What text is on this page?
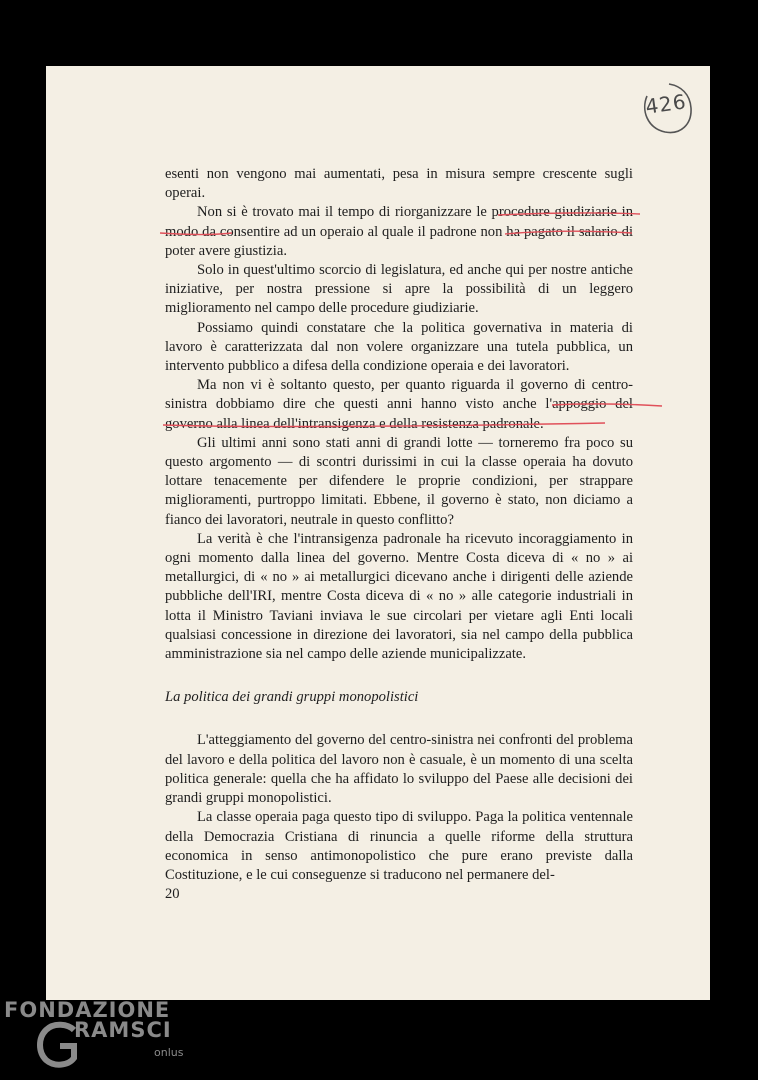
426

esenti non vengono mai aumentati, pesa in misura sempre crescente sugli operai.

Non si è trovato mai il tempo di riorganizzare le procedure giudiziarie in modo da consentire ad un operaio al quale il padrone non ha pagato il salario di poter avere giustizia.

Solo in quest'ultimo scorcio di legislatura, ed anche qui per nostre antiche iniziative, per nostra pressione si apre la possibilità di un leggero miglioramento nel campo delle procedure giudiziarie.

Possiamo quindi constatare che la politica governativa in materia di lavoro è caratterizzata dal non volere organizzare una tutela pubblica, un intervento pubblico a difesa della condizione operaia e dei lavoratori.

Ma non vi è soltanto questo, per quanto riguarda il governo di centro-sinistra dobbiamo dire che questi anni hanno visto anche l'appoggio del governo alla linea dell'intransigenza e della resistenza padronale.

Gli ultimi anni sono stati anni di grandi lotte — torneremo fra poco su questo argomento — di scontri durissimi in cui la classe operaia ha dovuto lottare tenacemente per difendere le proprie condizioni, per strappare miglioramenti, purtroppo limitati. Ebbene, il governo è stato, non diciamo a fianco dei lavoratori, neutrale in questo conflitto?

La verità è che l'intransigenza padronale ha ricevuto incoraggiamento in ogni momento dalla linea del governo. Mentre Costa diceva di « no » ai metallurgici, di « no » ai metallurgici dicevano anche i dirigenti delle aziende pubbliche dell'IRI, mentre Costa diceva di « no » alle categorie industriali in lotta il Ministro Taviani inviava le sue circolari per vietare agli Enti locali qualsiasi concessione in direzione dei lavoratori, sia nel campo della pubblica amministrazione sia nel campo delle aziende municipalizzate.

La politica dei grandi gruppi monopolistici

L'atteggiamento del governo del centro-sinistra nei confronti del problema del lavoro e della politica del lavoro non è casuale, è un momento di una scelta politica generale: quella che ha affidato lo sviluppo del Paese alle decisioni dei grandi gruppi monopolistici.

La classe operaia paga questo tipo di sviluppo. Paga la politica ventennale della Democrazia Cristiana di rinuncia a quelle riforme della struttura economica in senso antimonopolistico che pure erano previste dalla Costituzione, e le cui conseguenze si traducono nel permanere del-

20
FONDAZIONE
RAMSCI
onlus
